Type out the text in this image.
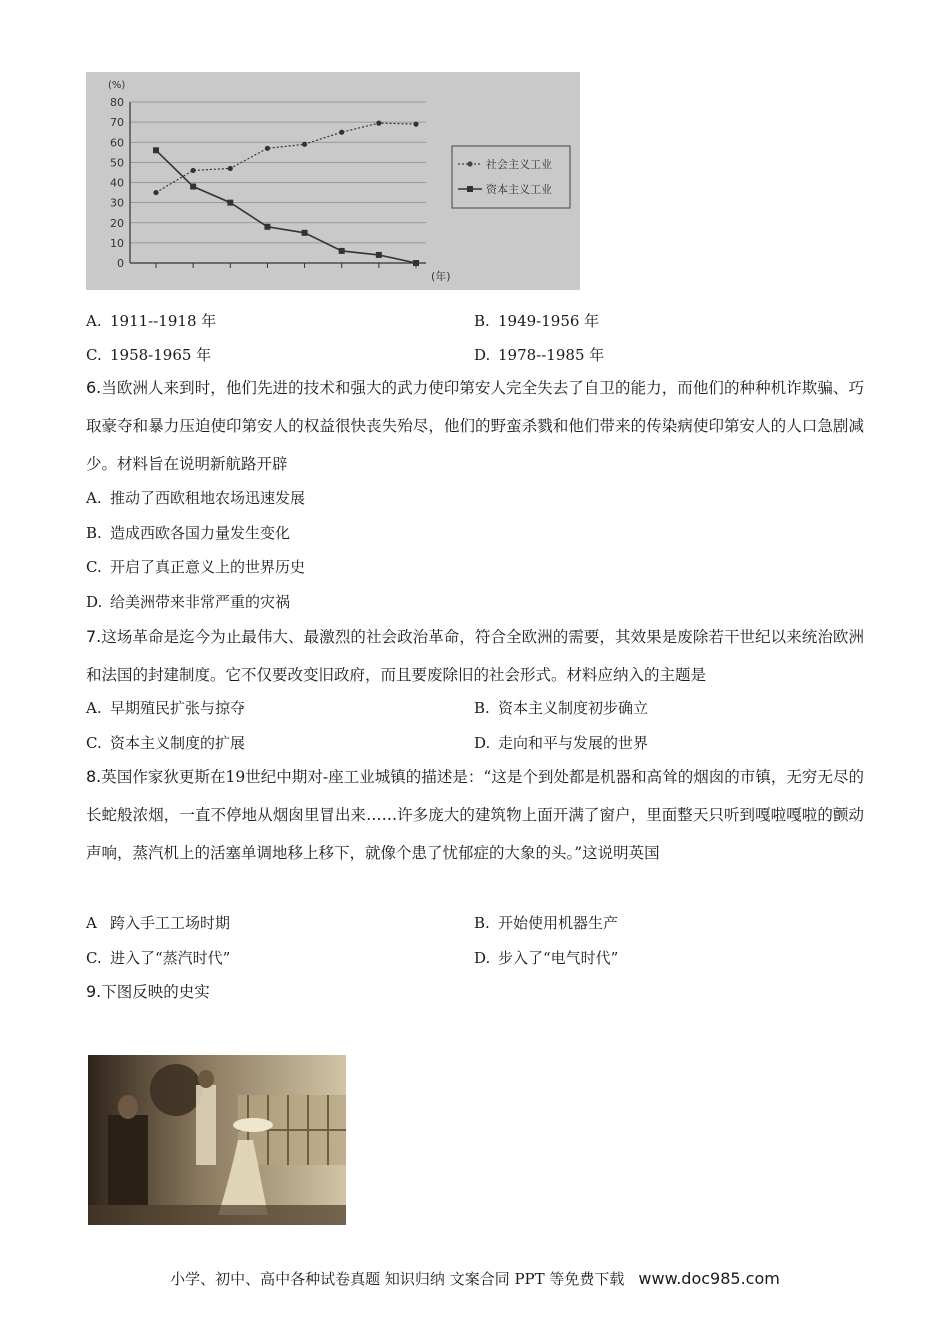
(%)
0
10
20
30
40
50
60
70
80
(年)
社会主义工业
资本主义工业
A. 1911--1918 年	B. 1949-1956 年
C. 1958-1965 年	D. 1978--1985 年
6.当欧洲人来到时，他们先进的技术和强大的武力使印第安人完全失去了自卫的能力，而他们的种种机诈欺骗、巧取豪夺和暴力压迫使印第安人的权益很快丧失殆尽，他们的野蛮杀戮和他们带来的传染病使印第安人的人口急剧减少。材料旨在说明新航路开辟
A. 推动了西欧租地农场迅速发展
B. 造成西欧各国力量发生变化
C. 开启了真正意义上的世界历史
D. 给美洲带来非常严重的灾祸
7.这场革命是迄今为止最伟大、最激烈的社会政治革命，符合全欧洲的需要，其效果是废除若干世纪以来统治欧洲和法国的封建制度。它不仅要改变旧政府，而且要废除旧的社会形式。材料应纳入的主题是
A. 早期殖民扩张与掠夺	B. 资本主义制度初步确立
C. 资本主义制度的扩展	D. 走向和平与发展的世界
8.英国作家狄更斯在19世纪中期对-座工业城镇的描述是：“这是个到处都是机器和高耸的烟囱的市镇，无穷无尽的长蛇般浓烟，一直不停地从烟囱里冒出来……许多庞大的建筑物上面开满了窗户，里面整天只听到嘎啦嘎啦的颤动声响，蒸汽机上的活塞单调地移上移下，就像个患了忧郁症的大象的头。”这说明英国
A 跨入手工工场时期	B. 开始使用机器生产
C. 进入了“蒸汽时代”	D. 步入了“电气时代”
9.下图反映的史实
小学、初中、高中各种试卷真题 知识归纳 文案合同 PPT 等免费下载 www.doc985.com
